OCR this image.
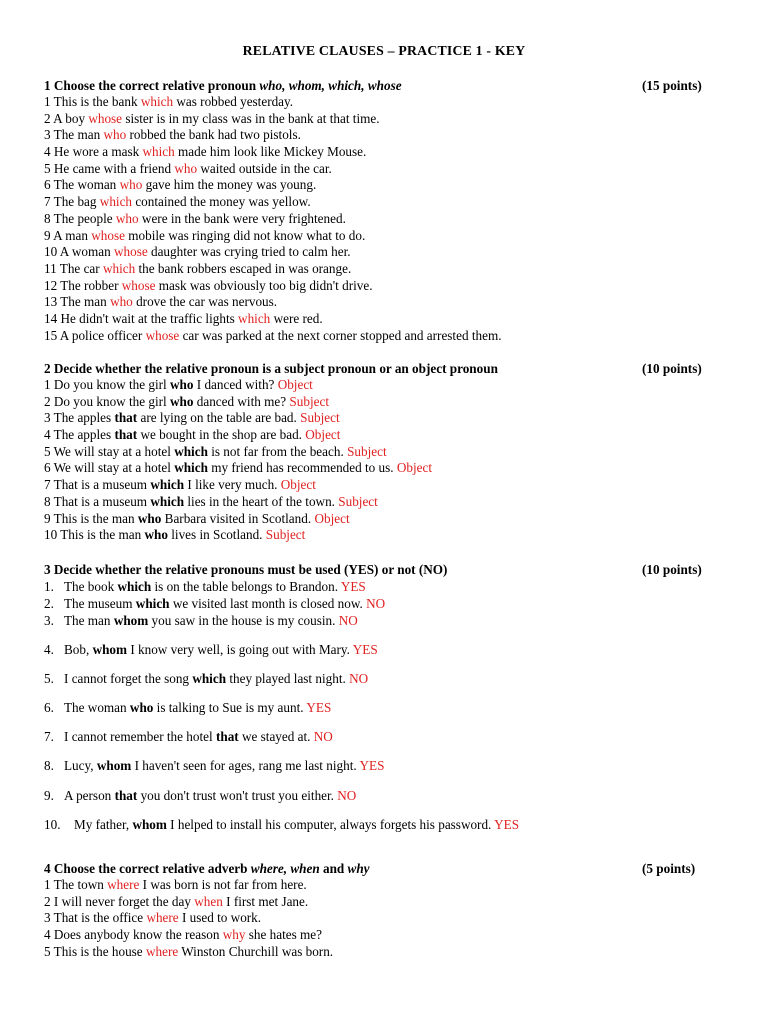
RELATIVE CLAUSES – PRACTICE 1 - KEY
1 Choose the correct relative pronoun who, whom, which, whose	(15 points)
1 This is the bank which was robbed yesterday.
2 A boy whose sister is in my class was in the bank at that time.
3 The man who robbed the bank had two pistols.
4 He wore a mask which made him look like Mickey Mouse.
5 He came with a friend who waited outside in the car.
6 The woman who gave him the money was young.
7 The bag which contained the money was yellow.
8 The people who were in the bank were very frightened.
9 A man whose mobile was ringing did not know what to do.
10 A woman whose daughter was crying tried to calm her.
11 The car which the bank robbers escaped in was orange.
12 The robber whose mask was obviously too big didn't drive.
13 The man who drove the car was nervous.
14 He didn't wait at the traffic lights which were red.
15 A police officer whose car was parked at the next corner stopped and arrested them.
2 Decide whether the relative pronoun is a subject pronoun or an object pronoun	(10 points)
1 Do you know the girl who I danced with? Object
2 Do you know the girl who danced with me? Subject
3 The apples that are lying on the table are bad. Subject
4 The apples that we bought in the shop are bad. Object
5 We will stay at a hotel which is not far from the beach. Subject
6 We will stay at a hotel which my friend has recommended to us. Object
7 That is a museum which I like very much. Object
8 That is a museum which lies in the heart of the town. Subject
9 This is the man who Barbara visited in Scotland. Object
10 This is the man who lives in Scotland. Subject
3 Decide whether the relative pronouns must be used (YES) or not (NO)	(10 points)
1. The book which is on the table belongs to Brandon. YES
2. The museum which we visited last month is closed now. NO
3. The man whom you saw in the house is my cousin. NO
4. Bob, whom I know very well, is going out with Mary. YES
5. I cannot forget the song which they played last night. NO
6. The woman who is talking to Sue is my aunt. YES
7. I cannot remember the hotel that we stayed at. NO
8. Lucy, whom I haven't seen for ages, rang me last night. YES
9. A person that you don't trust won't trust you either. NO
10. My father, whom I helped to install his computer, always forgets his password. YES
4 Choose the correct relative adverb where, when and why	(5 points)
1 The town where I was born is not far from here.
2 I will never forget the day when I first met Jane.
3 That is the office where I used to work.
4 Does anybody know the reason why she hates me?
5 This is the house where Winston Churchill was born.
